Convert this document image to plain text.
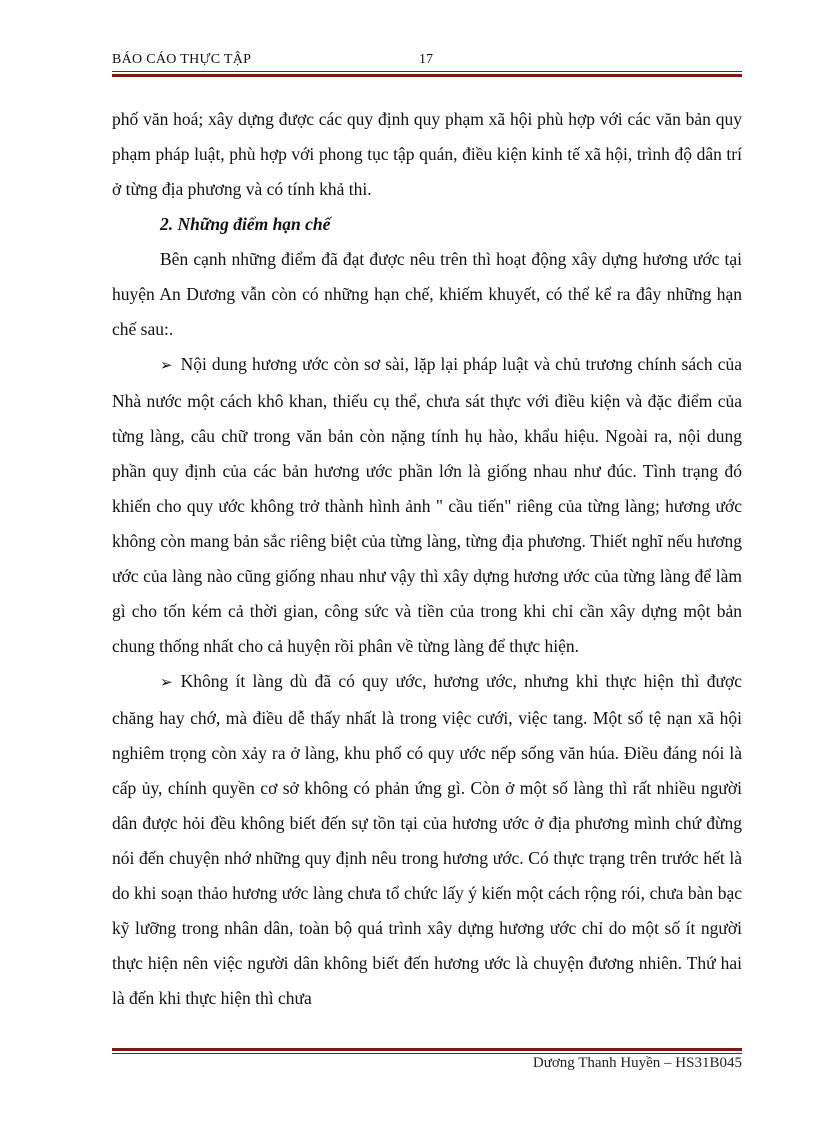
BÁO CÁO THỰC TẬP	17

phố văn hoá; xây dựng được các quy định quy phạm xã hội phù hợp với các văn bản quy phạm pháp luật, phù hợp với phong tục tập quán, điều kiện kinh tế xã hội, trình độ dân trí ở từng địa phương và có tính khả thi.

2. Những điểm hạn chế

Bên cạnh những điểm đã đạt được nêu trên thì hoạt động xây dựng hương ước tại huyện An Dương vẫn còn có những hạn chế, khiếm khuyết, có thể kể ra đây những hạn chế sau:.

➢ Nội dung hương ước còn sơ sài, lặp lại pháp luật và chủ trương chính sách của Nhà nước một cách khô khan, thiếu cụ thể, chưa sát thực với điều kiện và đặc điểm của từng làng, câu chữ trong văn bản còn nặng tính hụ hào, khẩu hiệu. Ngoài ra, nội dung phần quy định của các bản hương ước phần lớn là giống nhau như đúc. Tình trạng đó khiến cho quy ước không trở thành hình ảnh " cầu tiến" riêng của từng làng; hương ước không còn mang bản sắc riêng biệt của từng làng, từng địa phương. Thiết nghĩ nếu hương ước của làng nào cũng giống nhau như vậy thì xây dựng hương ước của từng làng để làm gì cho tốn kém cả thời gian, công sức và tiền của trong khi chỉ cần xây dựng một bản chung thống nhất cho cả huyện rồi phân về từng làng để thực hiện.

➢ Không ít làng dù đã có quy ước, hương ước, nhưng khi thực hiện thì được chăng hay chớ, mà điều dễ thấy nhất là trong việc cưới, việc tang. Một số tệ nạn xã hội nghiêm trọng còn xảy ra ở làng, khu phố có quy ước nếp sống văn húa. Điều đáng nói là cấp ủy, chính quyền cơ sở không có phản ứng gì. Còn ở một số làng thì rất nhiều người dân được hỏi đều không biết đến sự tồn tại của hương ước ở địa phương mình chứ đừng nói đến chuyện nhớ những quy định nêu trong hương ước. Có thực trạng trên trước hết là do khi soạn thảo hương ước làng chưa tổ chức lấy ý kiến một cách rộng rói, chưa bàn bạc kỹ lưỡng trong nhân dân, toàn bộ quá trình xây dựng hương ước chỉ do một số ít người thực hiện nên việc người dân không biết đến hương ước là chuyện đương nhiên. Thứ hai là đến khi thực hiện thì chưa

Dương Thanh Huyền – HS31B045
